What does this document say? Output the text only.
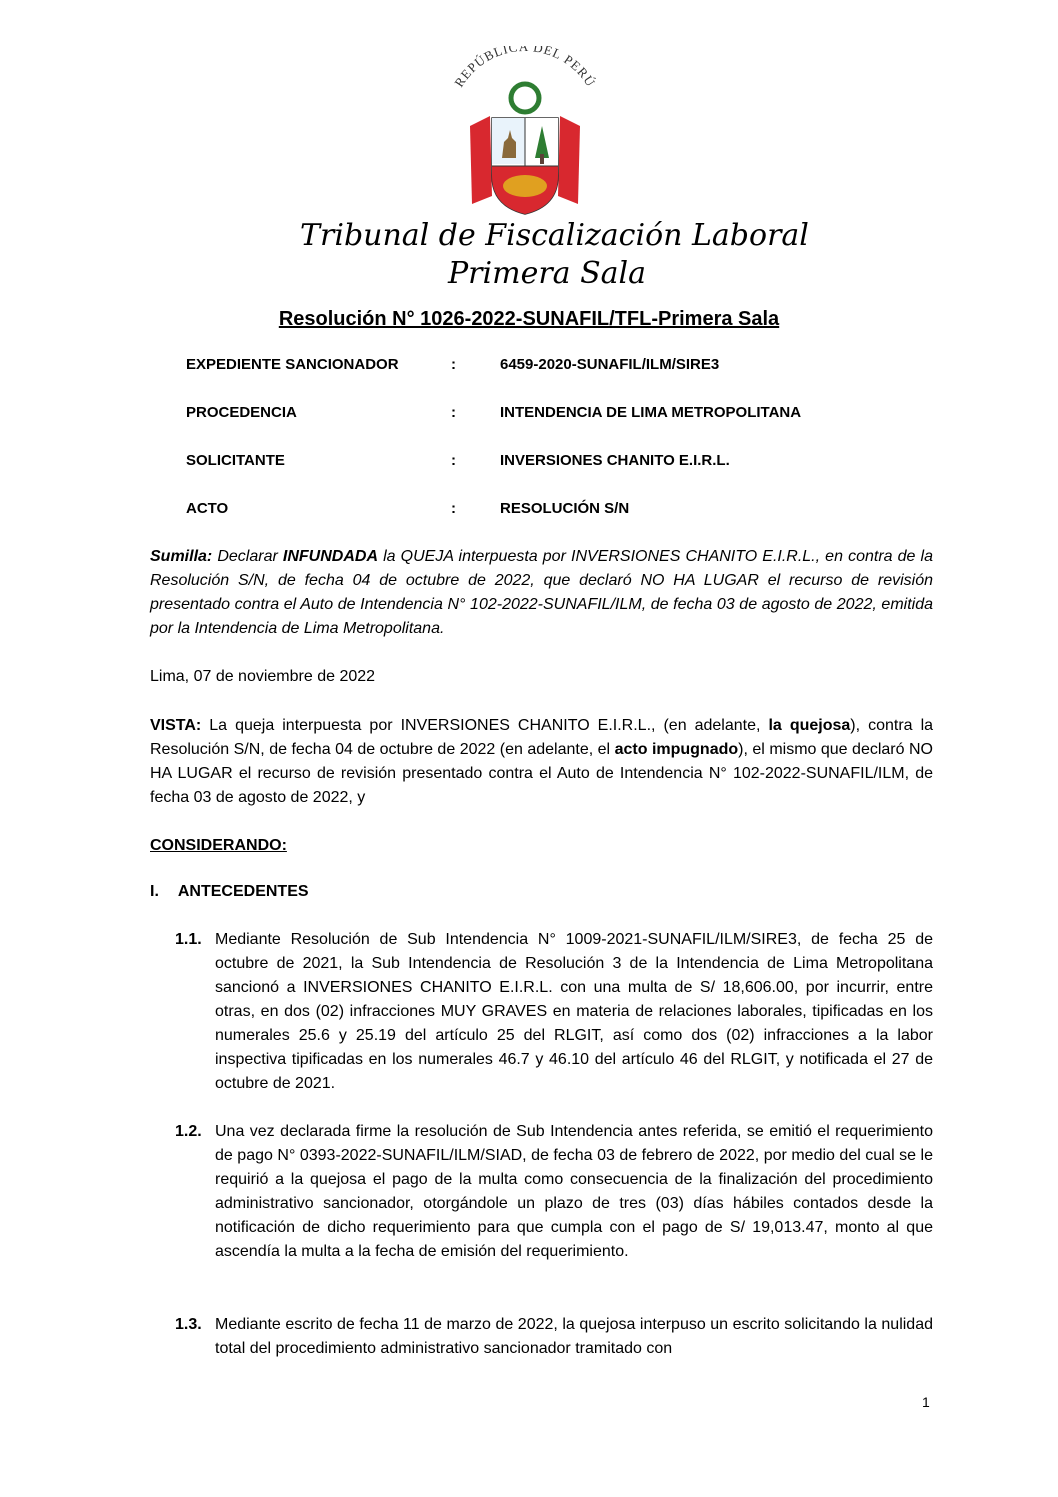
REPÚBLICA DEL PERÚ
Tribunal de Fiscalización Laboral
Primera Sala
Resolución N° 1026-2022-SUNAFIL/TFL-Primera Sala
EXPEDIENTE SANCIONADOR	:	6459-2020-SUNAFIL/ILM/SIRE3
PROCEDENCIA	:	INTENDENCIA DE LIMA METROPOLITANA
SOLICITANTE	:	INVERSIONES CHANITO E.I.R.L.
ACTO	:	RESOLUCIÓN S/N
Sumilla: Declarar INFUNDADA la QUEJA interpuesta por INVERSIONES CHANITO E.I.R.L., en contra de la Resolución S/N, de fecha 04 de octubre de 2022, que declaró NO HA LUGAR el recurso de revisión presentado contra el Auto de Intendencia N° 102-2022-SUNAFIL/ILM, de fecha 03 de agosto de 2022, emitida por la Intendencia de Lima Metropolitana.
Lima, 07 de noviembre de 2022
VISTA: La queja interpuesta por INVERSIONES CHANITO E.I.R.L., (en adelante, la quejosa), contra la Resolución S/N, de fecha 04 de octubre de 2022 (en adelante, el acto impugnado), el mismo que declaró NO HA LUGAR el recurso de revisión presentado contra el Auto de Intendencia N° 102-2022-SUNAFIL/ILM, de fecha 03 de agosto de 2022, y
CONSIDERANDO:
I. ANTECEDENTES
1.1. Mediante Resolución de Sub Intendencia N° 1009-2021-SUNAFIL/ILM/SIRE3, de fecha 25 de octubre de 2021, la Sub Intendencia de Resolución 3 de la Intendencia de Lima Metropolitana sancionó a INVERSIONES CHANITO E.I.R.L. con una multa de S/ 18,606.00, por incurrir, entre otras, en dos (02) infracciones MUY GRAVES en materia de relaciones laborales, tipificadas en los numerales 25.6 y 25.19 del artículo 25 del RLGIT, así como dos (02) infracciones a la labor inspectiva tipificadas en los numerales 46.7 y 46.10 del artículo 46 del RLGIT, y notificada el 27 de octubre de 2021.
1.2. Una vez declarada firme la resolución de Sub Intendencia antes referida, se emitió el requerimiento de pago N° 0393-2022-SUNAFIL/ILM/SIAD, de fecha 03 de febrero de 2022, por medio del cual se le requirió a la quejosa el pago de la multa como consecuencia de la finalización del procedimiento administrativo sancionador, otorgándole un plazo de tres (03) días hábiles contados desde la notificación de dicho requerimiento para que cumpla con el pago de S/ 19,013.47, monto al que ascendía la multa a la fecha de emisión del requerimiento.
1.3. Mediante escrito de fecha 11 de marzo de 2022, la quejosa interpuso un escrito solicitando la nulidad total del procedimiento administrativo sancionador tramitado con
1
